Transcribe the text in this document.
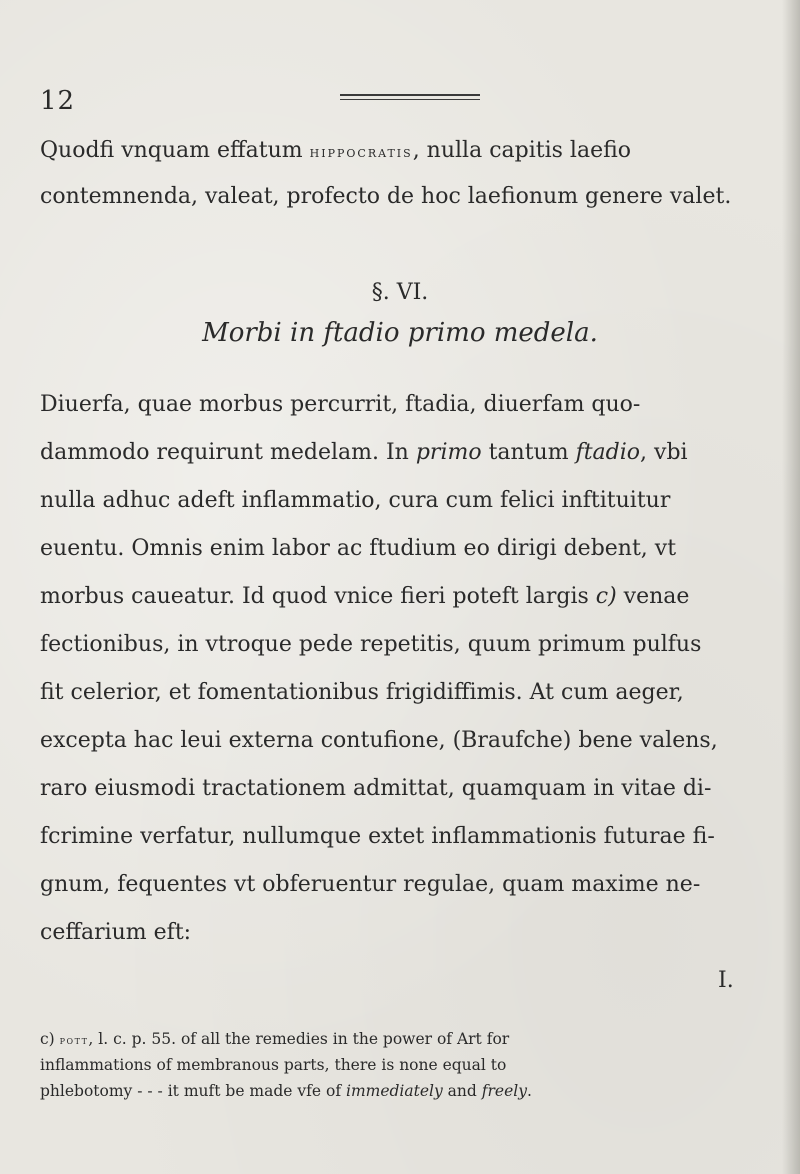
12
Quodfi vnquam effatum hippocratis, nulla capitis laefio
contemnenda, valeat, profecto de hoc laefionum genere valet.
§. VI.
Morbi in ftadio primo medela.
Diuerfa, quae morbus percurrit, ftadia, diuerfam quo-
dammodo requirunt medelam. In primo tantum ftadio, vbi
nulla adhuc adeft inflammatio, cura cum felici inftituitur
euentu. Omnis enim labor ac ftudium eo dirigi debent, vt
morbus caueatur. Id quod vnice fieri poteft largis c) venae
fectionibus, in vtroque pede repetitis, quum primum pulfus
fit celerior, et fomentationibus frigidiffimis. At cum aeger,
excepta hac leui externa contufione, (Braufche) bene valens,
raro eiusmodi tractationem admittat, quamquam in vitae di-
fcrimine verfatur, nullumque extet inflammationis futurae fi-
gnum, fequentes vt obferuentur regulae, quam maxime ne-
ceffarium eft:
I.
c) pott, l. c. p. 55. of all the remedies in the power of Art for
inflammations of membranous parts, there is none equal to
phlebotomy - - - it muft be made vfe of immediately and freely.
